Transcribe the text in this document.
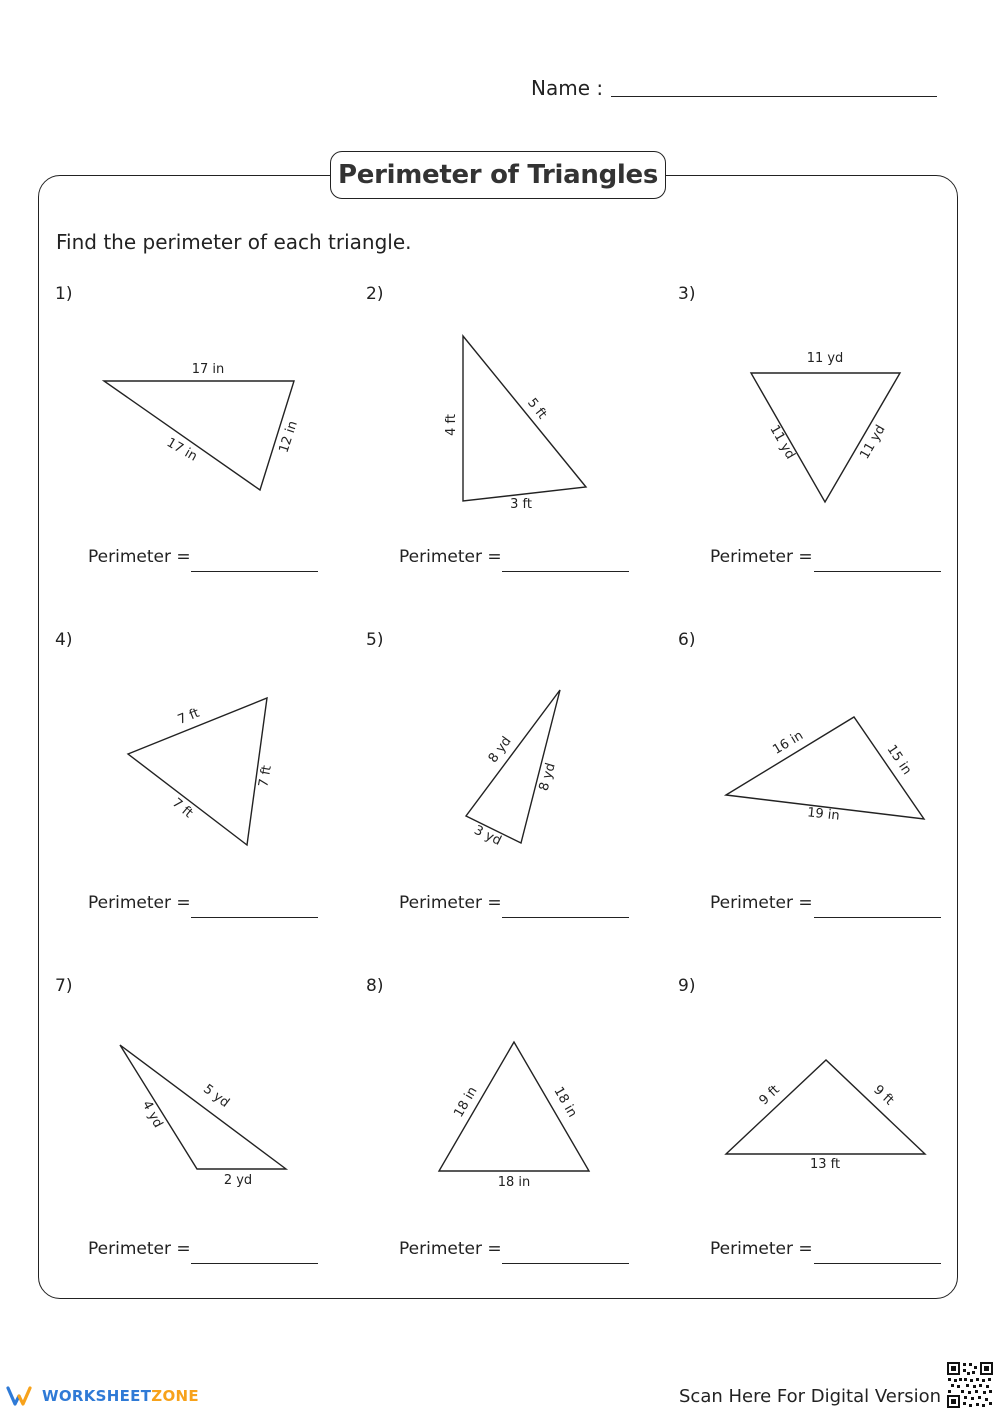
Name :
Perimeter of Triangles
Find the perimeter of each triangle.
1)
17 in
12 in
17 in
Perimeter =
2)
4 ft
5 ft
3 ft
Perimeter =
3)
11 yd
11 yd	11 yd
Perimeter =
4)
7 ft
7 ft
7 ft
Perimeter =
5)
8 yd
8 yd
3 yd
Perimeter =
6)
16 in	15 in
19 in
Perimeter =
7)
5 yd
4 yd
2 yd
Perimeter =
8)
18 in	18 in
18 in
Perimeter =
9)
9 ft	9 ft
13 ft
Perimeter =
WORKSHEETZONE	Scan Here For Digital Version
